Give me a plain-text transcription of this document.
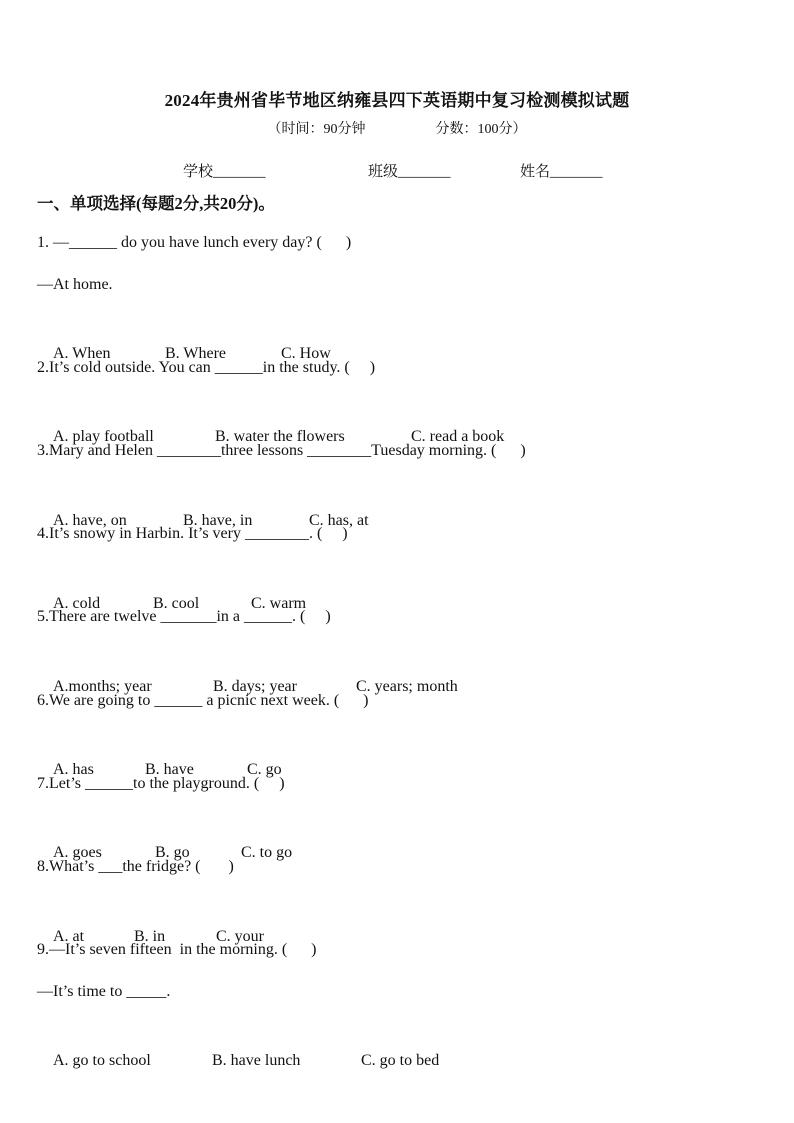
2024年贵州省毕节地区纳雍县四下英语期中复习检测模拟试题
（时间：90分钟                    分数：100分）
学校_______	班级_______	姓名_______
一、单项选择(每题2分,共20分)。
1. —______ do you have lunch every day? (      )
—At home.

A. When	B. Where	C. How

2.It’s cold outside. You can ______in the study. (     )

A. play football	B. water the flowers	C. read a book

3.Mary and Helen ________three lessons ________Tuesday morning. (      )

A. have, on	B. have, in	C. has, at

4.It’s snowy in Harbin. It’s very ________. (     )

A. cold	B. cool	C. warm

5.There are twelve _______in a ______. (     )

A.months; year	B. days; year	C. years; month

6.We are going to ______ a picnic next week. (      )

A. has	B. have	C. go

7.Let’s ______to the playground. (     )

A. goes	B. go	C. to go

8.What’s ___the fridge? (       )

A. at	B. in	C. your

9.—It’s seven fifteen  in the morning. (      )
—It’s time to _____.

A. go to school	B. have lunch	C. go to bed
